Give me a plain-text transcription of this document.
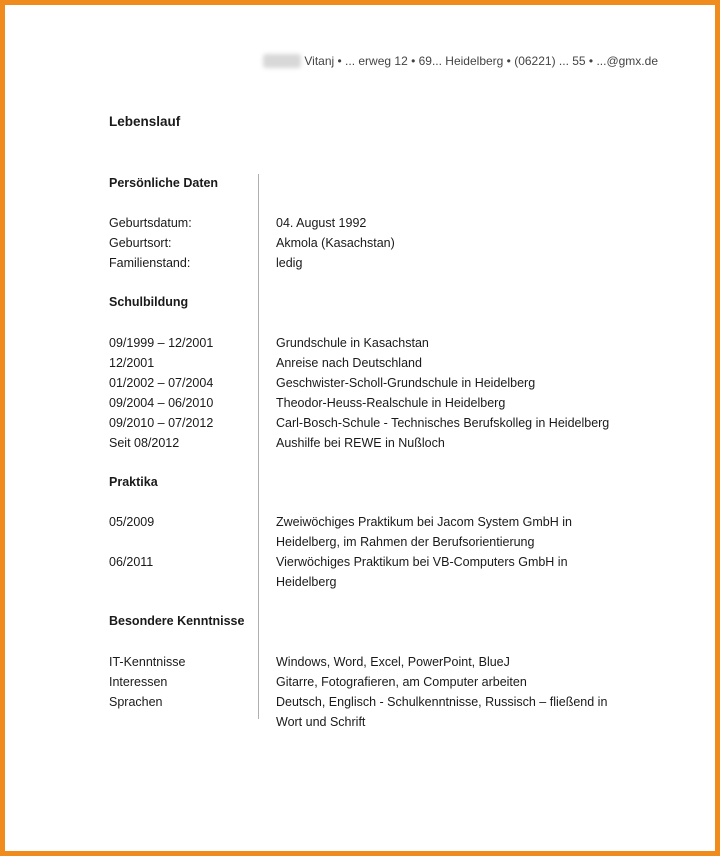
Vitanj • ... erweg 12 • 69... Heidelberg • (06221) ... 55 • ...@gmx.de
Lebenslauf
Persönliche Daten
Geburtsdatum:	04. August 1992
Geburtsort:	Akmola (Kasachstan)
Familienstand:	ledig
Schulbildung
09/1999 – 12/2001	Grundschule in Kasachstan
12/2001	Anreise nach Deutschland
01/2002 – 07/2004	Geschwister-Scholl-Grundschule in Heidelberg
09/2004 – 06/2010	Theodor-Heuss-Realschule in Heidelberg
09/2010 – 07/2012	Carl-Bosch-Schule - Technisches Berufskolleg in Heidelberg
Seit 08/2012	Aushilfe bei REWE in Nußloch
Praktika
05/2009	Zweiwöchiges Praktikum bei Jacom System GmbH in Heidelberg, im Rahmen der Berufsorientierung
06/2011	Vierwöchiges Praktikum bei VB-Computers GmbH in Heidelberg
Besondere Kenntnisse
IT-Kenntnisse	Windows, Word, Excel, PowerPoint, BlueJ
Interessen	Gitarre, Fotografieren, am Computer arbeiten
Sprachen	Deutsch, Englisch - Schulkenntnisse, Russisch – fließend in Wort und Schrift
